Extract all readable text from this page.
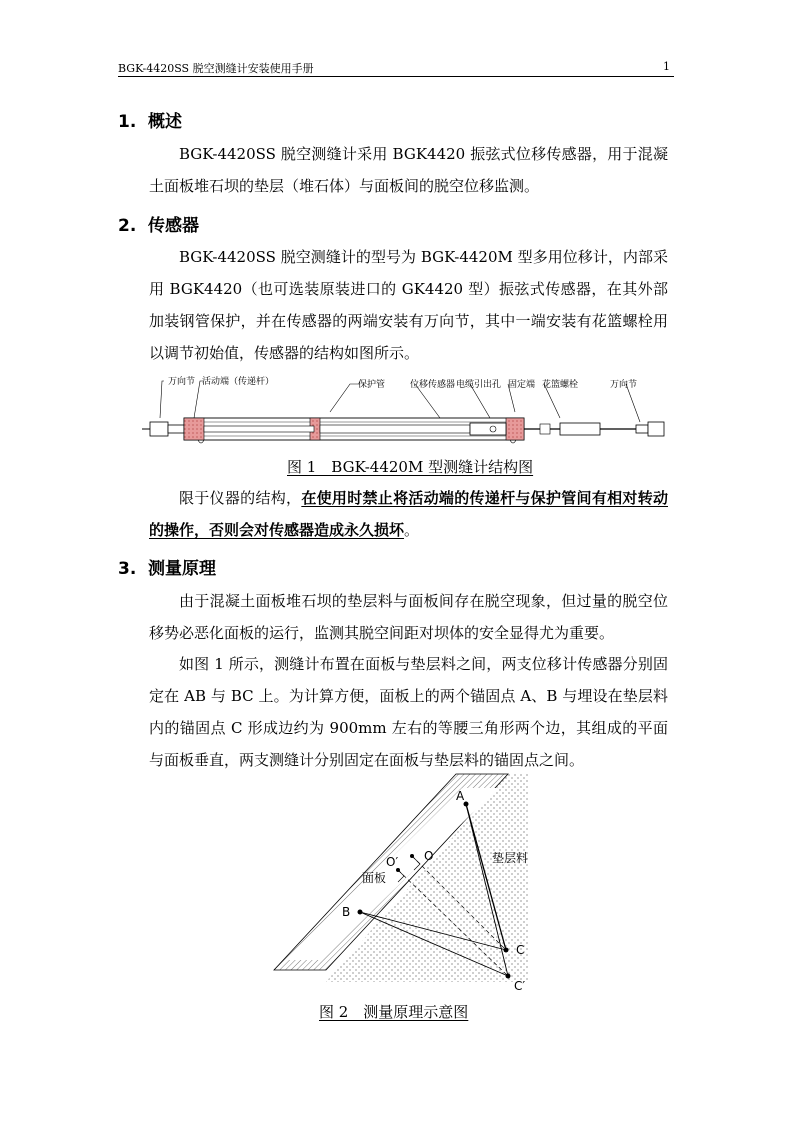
BGK-4420SS 脱空测缝计安装使用手册	1
1. 概述

BGK-4420SS 脱空测缝计采用 BGK4420 振弦式位移传感器，用于混凝土面板堆石坝的垫层（堆石体）与面板间的脱空位移监测。

2. 传感器

BGK-4420SS 脱空测缝计的型号为 BGK-4420M 型多用位移计，内部采用 BGK4420（也可选装原装进口的 GK4420 型）振弦式传感器，在其外部加装钢管保护，并在传感器的两端安装有万向节，其中一端安装有花篮螺栓用以调节初始值，传感器的结构如图所示。

万向节 活动端（传递杆）	保护管	位移传感器 电缆引出孔 固定端 花篮螺栓	万向节
图 1　BGK-4420M 型测缝计结构图

限于仪器的结构，在使用时禁止将活动端的传递杆与保护管间有相对转动的操作，否则会对传感器造成永久损坏。

3. 测量原理

由于混凝土面板堆石坝的垫层料与面板间存在脱空现象，但过量的脱空位移势必恶化面板的运行，监测其脱空间距对坝体的安全显得尤为重要。

如图 1 所示，测缝计布置在面板与垫层料之间，两支位移计传感器分别固定在 AB 与 BC 上。为计算方便，面板上的两个锚固点 A、B 与埋设在垫层料内的锚固点 C 形成边约为 900mm 左右的等腰三角形两个边，其组成的平面与面板垂直，两支测缝计分别固定在面板与垫层料的锚固点之间。

A
B
C
C′
O
O′
面板
垫层料
图 2　测量原理示意图
